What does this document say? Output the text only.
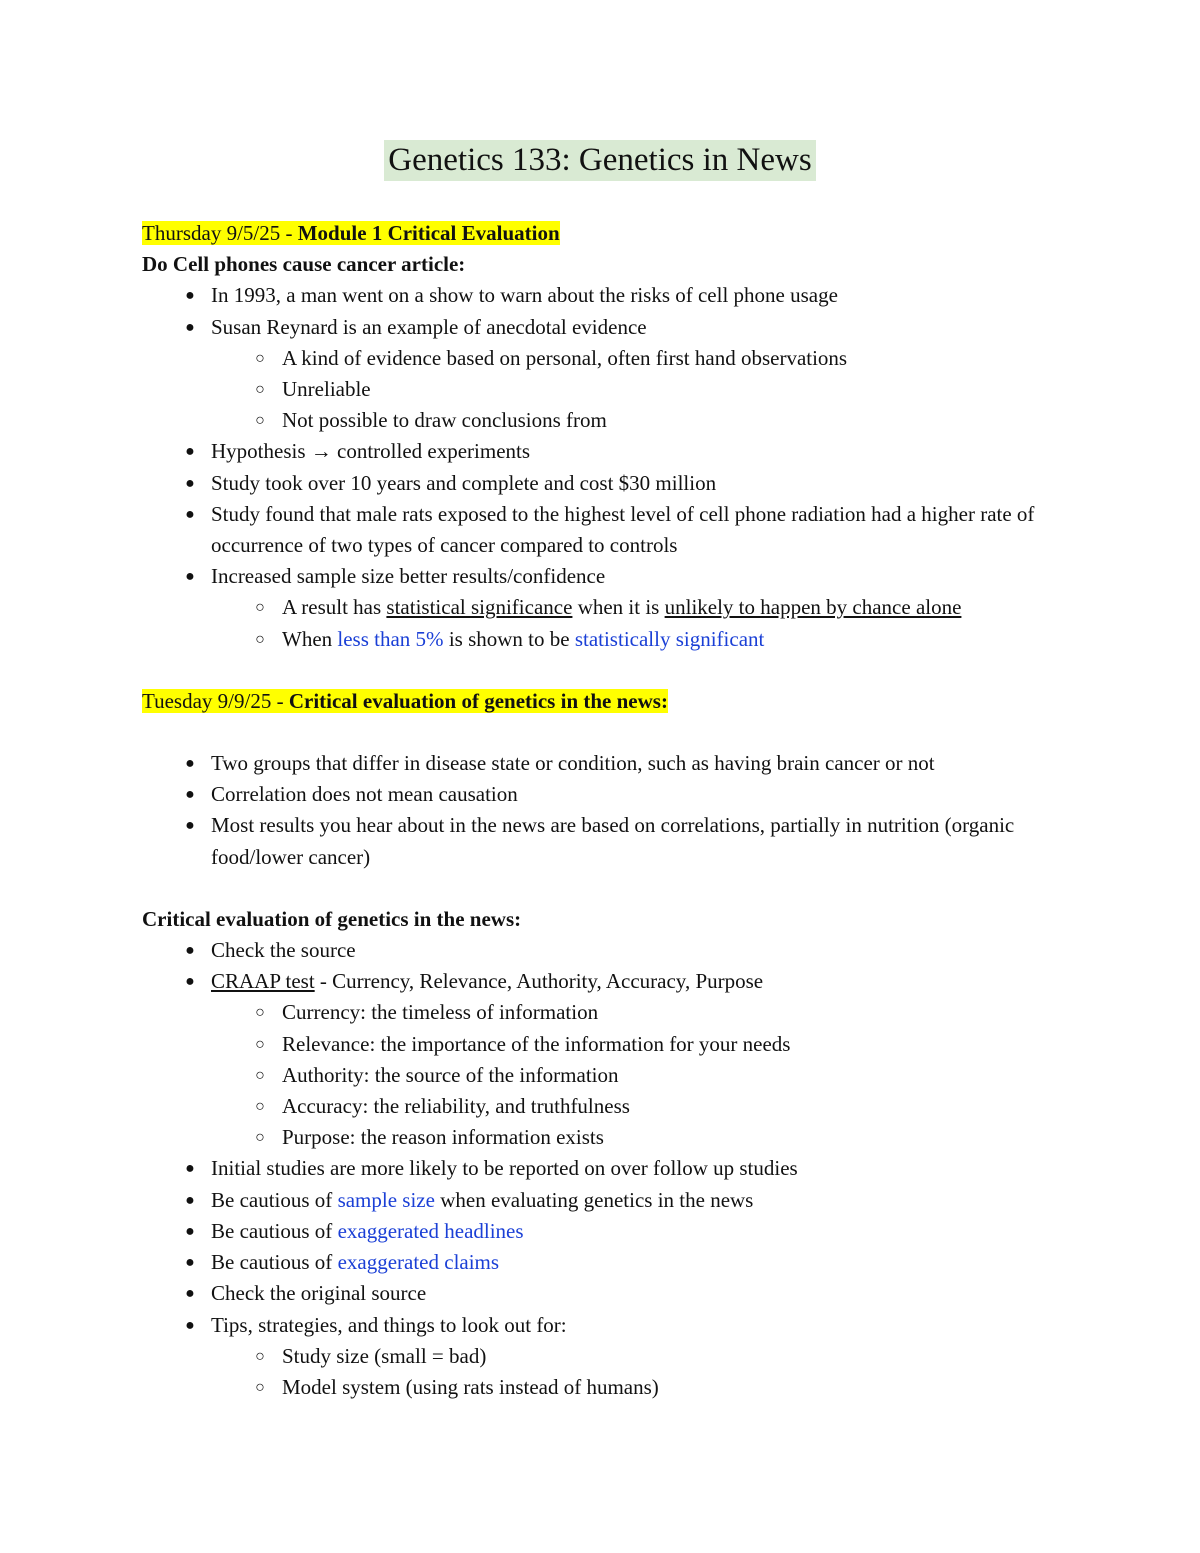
Genetics 133: Genetics in News

Thursday 9/5/25 - Module 1 Critical Evaluation

Do Cell phones cause cancer article:

● In 1993, a man went on a show to warn about the risks of cell phone usage
● Susan Reynard is an example of anecdotal evidence
○ A kind of evidence based on personal, often first hand observations
○ Unreliable
○ Not possible to draw conclusions from
● Hypothesis → controlled experiments
● Study took over 10 years and complete and cost $30 million
● Study found that male rats exposed to the highest level of cell phone radiation had a higher rate of occurrence of two types of cancer compared to controls
● Increased sample size better results/confidence
○ A result has statistical significance when it is unlikely to happen by chance alone
○ When less than 5% is shown to be statistically significant

Tuesday 9/9/25 - Critical evaluation of genetics in the news:

● Two groups that differ in disease state or condition, such as having brain cancer or not
● Correlation does not mean causation
● Most results you hear about in the news are based on correlations, partially in nutrition (organic food/lower cancer)

Critical evaluation of genetics in the news:

● Check the source
● CRAAP test - Currency, Relevance, Authority, Accuracy, Purpose
○ Currency: the timeless of information
○ Relevance: the importance of the information for your needs
○ Authority: the source of the information
○ Accuracy: the reliability, and truthfulness
○ Purpose: the reason information exists
● Initial studies are more likely to be reported on over follow up studies
● Be cautious of sample size when evaluating genetics in the news
● Be cautious of exaggerated headlines
● Be cautious of exaggerated claims
● Check the original source
● Tips, strategies, and things to look out for:
○ Study size (small = bad)
○ Model system (using rats instead of humans)
